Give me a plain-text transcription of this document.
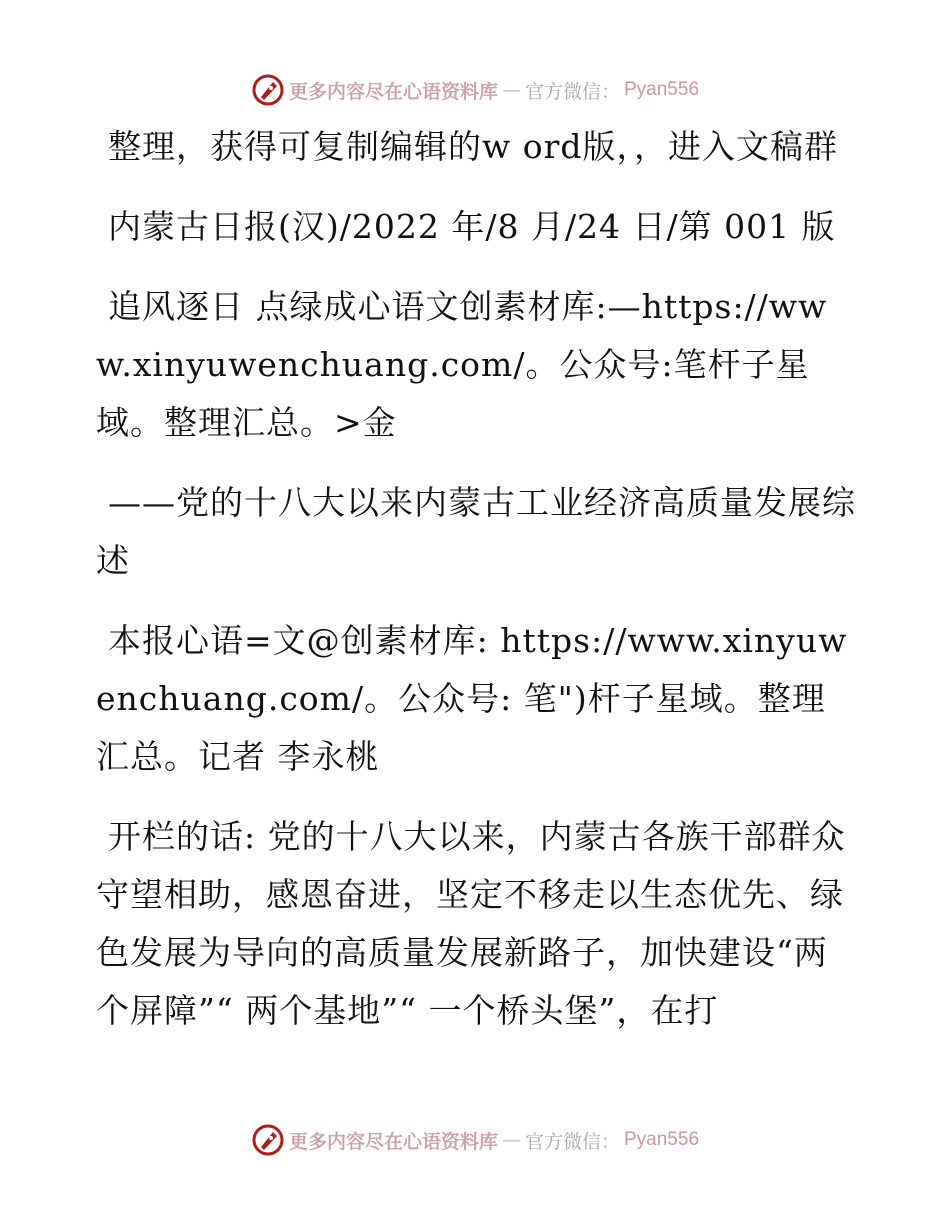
更多内容尽在心语资料库 — 官方微信： Pyan556

整理，获得可复制编辑的w ord版，，进入文稿群

内蒙古日报(汉)/2022 年/8 月/24 日/第 001 版

追风逐日 点绿成心语文创素材库:—https://www.xinyuwenchuang.com/。公众号:笔杆子星域。整理汇总。>金

——党的十八大以来内蒙古工业经济高质量发展综述

本报心语=文@创素材库: https://www.xinyuwenchuang.com/。公众号: 笔")杆子星域。整理汇总。记者 李永桃

开栏的话: 党的十八大以来，内蒙古各族干部群众守望相助，感恩奋进，坚定不移走以生态优先、绿色发展为导向的高质量发展新路子，加快建设“两个屏障”“ 两个基地”“ 一个桥头堡”，在打

更多内容尽在心语资料库 — 官方微信： Pyan556
